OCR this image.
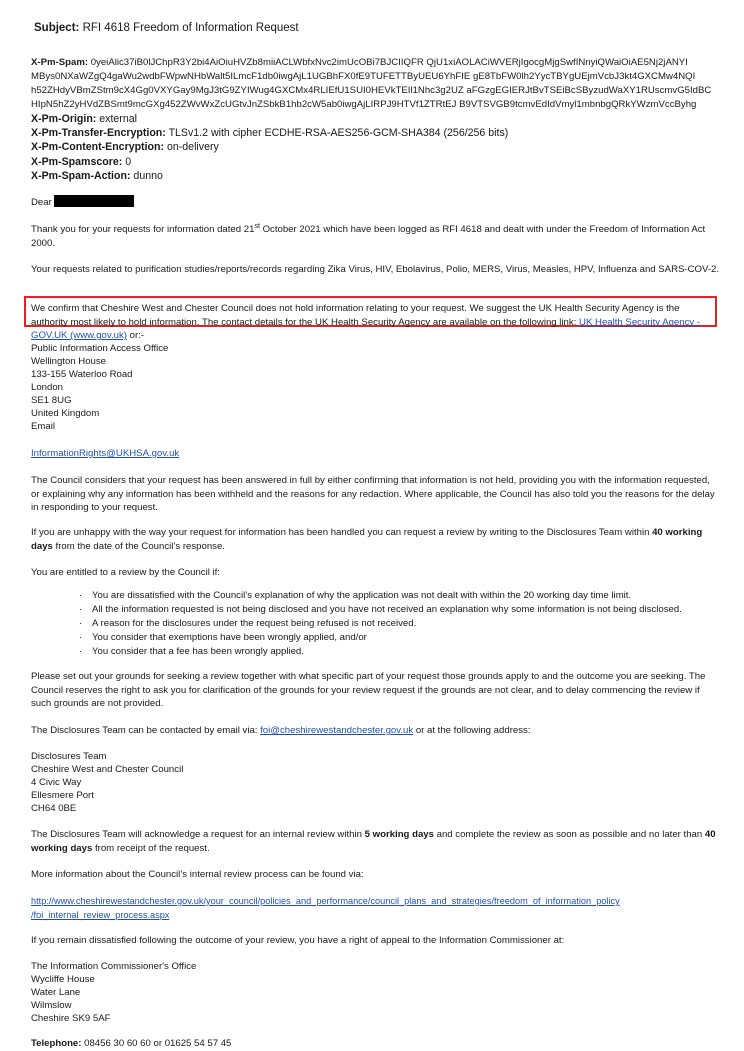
Subject: RFI 4618 Freedom of Information Request
X-Pm-Spam: 0yeiAlic37iB0lJChpR3Y2bi4AiOiuHVZb8miiACLWbfxNvc2imUcOBi7BJCIIQFR QjU1xiAOLACiWVERjIgocgMjgSwfINnyiQWaiOiAE5Nj2jANYI
MBys0NXaWZgQ4gaWu2wdbFWpwNHbWalt5ILmcF1db0iwgAjL1UGBhFX0fE9TUFETTByUEU6YhFIE gE8TbFW0lh2YycTBYgUEjmVcbJ3kt4GXCMw4NQI
h52ZHdyVBmZStm9cX4Gg0VXYGay9MgJ3tG9ZYIWug4GXCMx4RLIEfU1SUI0HEVkTEIl1Nhc3g2UZ aFGzgEGIERJtBvTSEiBcSByzudWaXY1RUscmvG5IdBC
HIpN5hZ2yHVdZBSmt9mcGXg452ZWvWxZcUGtvJnZSbkB1hb2cW5ab0iwgAjLIRPJ9HTVf1ZTRtEJ B9VTSVGB9tcmvEdIdVmyl1mbnbgQRkYWzmVccByhg
X-Pm-Origin: external
X-Pm-Transfer-Encryption: TLSv1.2 with cipher ECDHE-RSA-AES256-GCM-SHA384 (256/256 bits)
X-Pm-Content-Encryption: on-delivery
X-Pm-Spamscore: 0
X-Pm-Spam-Action: dunno
Dear
Thank you for your requests for information dated 21st October 2021 which have been logged as RFI 4618 and dealt with under the Freedom of Information Act 2000.
Your requests related to purification studies/reports/records regarding Zika Virus, HIV, Ebolavirus, Polio, MERS, Virus, Measles, HPV, Influenza and SARS-COV-2.
We confirm that Cheshire West and Chester Council does not hold information relating to your request. We suggest the UK Health Security Agency is the authority most likely to hold information. The contact details for the UK Health Security Agency are available on the following link: UK Health Security Agency - GOV.UK (www.gov.uk) or:-
Public Information Access Office
Wellington House
133-155 Waterloo Road
London
SE1 8UG
United Kingdom
Email
InformationRights@UKHSA.gov.uk
The Council considers that your request has been answered in full by either confirming that information is not held, providing you with the information requested, or explaining why any information has been withheld and the reasons for any redaction. Where applicable, the Council has also told you the reasons for the delay in responding to your request.
If you are unhappy with the way your request for information has been handled you can request a review by writing to the Disclosures Team within 40 working days from the date of the Council’s response.
You are entitled to a review by the Council if:
· You are dissatisfied with the Council’s explanation of why the application was not dealt with within the 20 working day time limit.
· All the information requested is not being disclosed and you have not received an explanation why some information is not being disclosed.
· A reason for the disclosures under the request being refused is not received.
· You consider that exemptions have been wrongly applied, and/or
· You consider that a fee has been wrongly applied.
Please set out your grounds for seeking a review together with what specific part of your request those grounds apply to and the outcome you are seeking. The Council reserves the right to ask you for clarification of the grounds for your review request if the grounds are not clear, and to delay commencing the review if such grounds are not provided.
The Disclosures Team can be contacted by email via: foi@cheshirewestandchester.gov.uk or at the following address:
Disclosures Team
Cheshire West and Chester Council
4 Civic Way
Ellesmere Port
CH64 0BE
The Disclosures Team will acknowledge a request for an internal review within 5 working days and complete the review as soon as possible and no later than 40 working days from receipt of the request.
More information about the Council’s internal review process can be found via:
http://www.cheshirewestandchester.gov.uk/your_council/policies_and_performance/council_plans_and_strategies/freedom_of_information_policy
/foi_internal_review_process.aspx
If you remain dissatisfied following the outcome of your review, you have a right of appeal to the Information Commissioner at:
The Information Commissioner's Office
Wycliffe House
Water Lane
Wilmslow
Cheshire SK9 5AF
Telephone: 08456 30 60 60 or 01625 54 57 45
